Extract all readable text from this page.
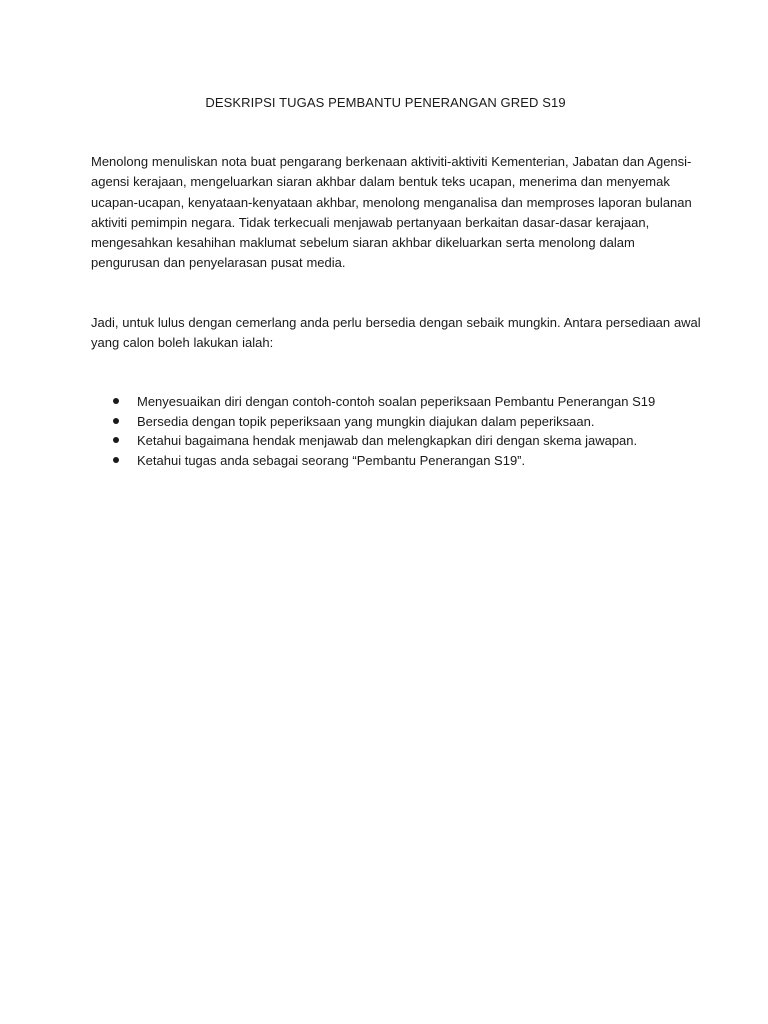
DESKRIPSI TUGAS PEMBANTU PENERANGAN GRED S19

Menolong menuliskan nota buat pengarang berkenaan aktiviti-aktiviti Kementerian, Jabatan dan Agensi-
agensi kerajaan, mengeluarkan siaran akhbar dalam bentuk teks ucapan, menerima dan menyemak
ucapan-ucapan, kenyataan-kenyataan akhbar, menolong menganalisa dan memproses laporan bulanan
aktiviti pemimpin negara. Tidak terkecuali menjawab pertanyaan berkaitan dasar-dasar kerajaan,
mengesahkan kesahihan maklumat sebelum siaran akhbar dikeluarkan serta menolong dalam
pengurusan dan penyelarasan pusat media.

Jadi, untuk lulus dengan cemerlang anda perlu bersedia dengan sebaik mungkin. Antara persediaan awal
yang calon boleh lakukan ialah:

Menyesuaikan diri dengan contoh-contoh soalan peperiksaan Pembantu Penerangan S19
Bersedia dengan topik peperiksaan yang mungkin diajukan dalam peperiksaan.
Ketahui bagaimana hendak menjawab dan melengkapkan diri dengan skema jawapan.
Ketahui tugas anda sebagai seorang “Pembantu Penerangan S19”.
